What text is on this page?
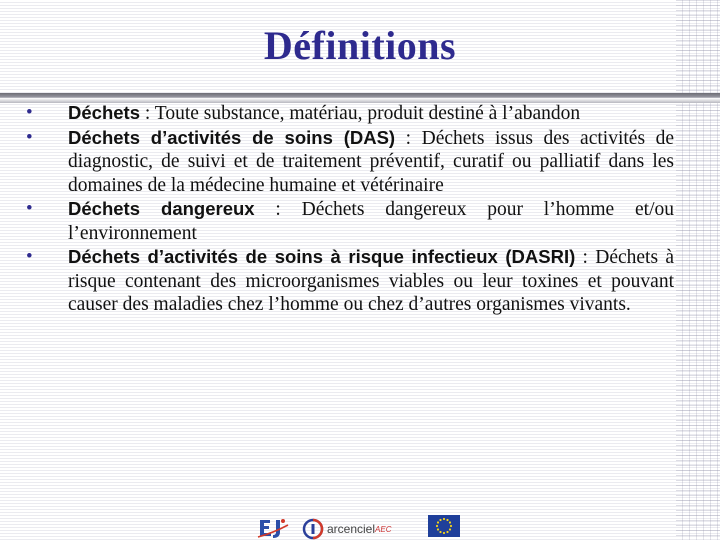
Définitions
• Déchets : Toute substance, matériau, produit destiné à l’abandon
• Déchets d’activités de soins (DAS) : Déchets issus des activités de diagnostic, de suivi et de traitement préventif, curatif ou palliatif dans les domaines de la médecine humaine et vétérinaire
• Déchets dangereux : Déchets dangereux pour l’homme et/ou l’environnement
• Déchets d’activités de soins à risque infectieux (DASRI) : Déchets à risque contenant des microorganismes viables ou leur toxines et pouvant causer des maladies chez l’homme ou chez d’autres organismes vivants.
arcenciel AEC
